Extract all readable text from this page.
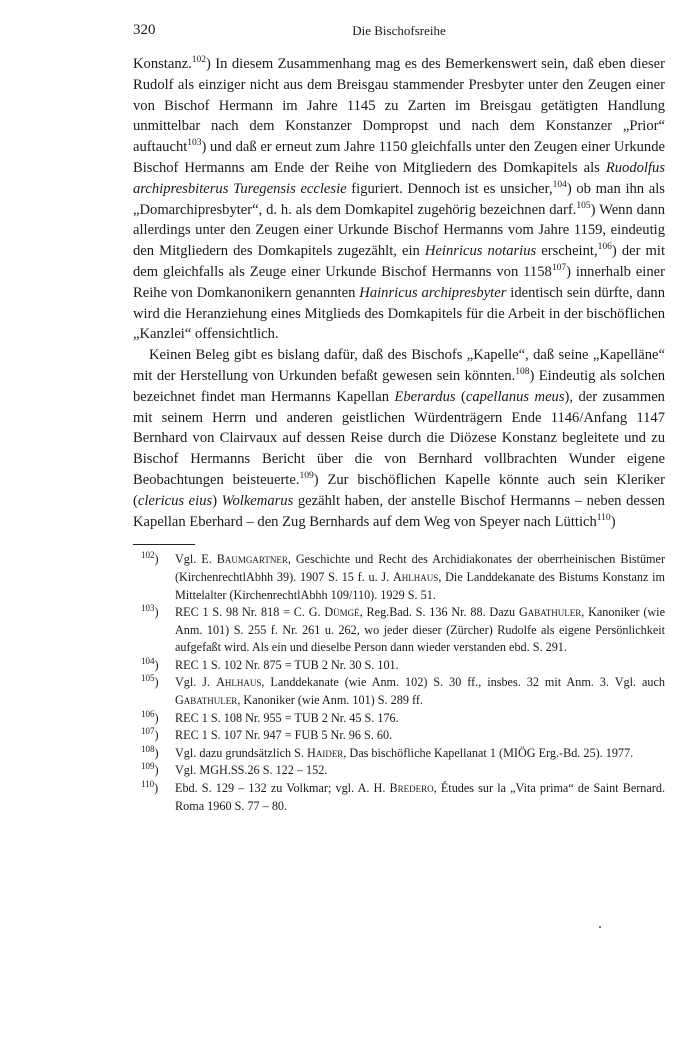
320	Die Bischofsreihe

Konstanz.$^{102}$) In diesem Zusammenhang mag es des Bemerkenswert sein, daß eben dieser Rudolf als einziger nicht aus dem Breisgau stammender Presbyter unter den Zeugen einer von Bischof Hermann im Jahre 1145 zu Zarten im Breisgau getätigten Handlung unmittelbar nach dem Konstanzer Dompropst und nach dem Konstanzer „Prior“ auftaucht$^{103}$) und daß er erneut zum Jahre 1150 gleichfalls unter den Zeugen einer Urkunde Bischof Hermanns am Ende der Reihe von Mitgliedern des Domkapitels als Ruodolfus archipresbiterus Turegensis ecclesie figuriert. Dennoch ist es unsicher,$^{104}$) ob man ihn als „Domarchipresbyter“, d. h. als dem Domkapitel zugehörig bezeichnen darf.$^{105}$) Wenn dann allerdings unter den Zeugen einer Urkunde Bischof Hermanns vom Jahre 1159, eindeutig den Mitgliedern des Domkapitels zugezählt, ein Heinricus notarius erscheint,$^{106}$) der mit dem gleichfalls als Zeuge einer Urkunde Bischof Hermanns von 1158$^{107}$) innerhalb einer Reihe von Domkanonikern genannten Hainricus archipresbyter identisch sein dürfte, dann wird die Heranziehung eines Mitglieds des Domkapitels für die Arbeit in der bischöflichen „Kanzlei“ offensichtlich.

Keinen Beleg gibt es bislang dafür, daß des Bischofs „Kapelle“, daß seine „Kapelläne“ mit der Herstellung von Urkunden befaßt gewesen sein könnten.$^{108}$) Eindeutig als solchen bezeichnet findet man Hermanns Kapellan Eberardus (capellanus meus), der zusammen mit seinem Herrn und anderen geistlichen Würdenträgern Ende 1146/Anfang 1147 Bernhard von Clairvaux auf dessen Reise durch die Diözese Konstanz begleitete und zu Bischof Hermanns Bericht über die von Bernhard vollbrachten Wunder eigene Beobachtungen beisteuerte.$^{109}$) Zur bischöflichen Kapelle könnte auch sein Kleriker (clericus eius) Wolkemarus gezählt haben, der anstelle Bischof Hermanns – neben dessen Kapellan Eberhard – den Zug Bernhards auf dem Weg von Speyer nach Lüttich$^{110}$)

$^{102}$) Vgl. E. Baumgartner, Geschichte und Recht des Archidiakonates der oberrheinischen Bistümer (KirchenrechtlAbhh 39). 1907 S. 15 f. u. J. Ahlhaus, Die Landdekanate des Bistums Konstanz im Mittelalter (KirchenrechtlAbhh 109/110). 1929 S. 51.
$^{103}$) REC 1 S. 98 Nr. 818 = C. G. Dümgé, Reg.Bad. S. 136 Nr. 88. Dazu Gabathuler, Kanoniker (wie Anm. 101) S. 255 f. Nr. 261 u. 262, wo jeder dieser (Zürcher) Rudolfe als eigene Persönlichkeit aufgefaßt wird. Als ein und dieselbe Person dann wieder verstanden ebd. S. 291.
$^{104}$) REC 1 S. 102 Nr. 875 = TUB 2 Nr. 30 S. 101.
$^{105}$) Vgl. J. Ahlhaus, Landdekanate (wie Anm. 102) S. 30 ff., insbes. 32 mit Anm. 3. Vgl. auch Gabathuler, Kanoniker (wie Anm. 101) S. 289 ff.
$^{106}$) REC 1 S. 108 Nr. 955 = TUB 2 Nr. 45 S. 176.
$^{107}$) REC 1 S. 107 Nr. 947 = FUB 5 Nr. 96 S. 60.
$^{108}$) Vgl. dazu grundsätzlich S. Haider, Das bischöfliche Kapellanat 1 (MIÖG Erg.-Bd. 25). 1977.
$^{109}$) Vgl. MGH.SS.26 S. 122 – 152.
$^{110}$) Ebd. S. 129 – 132 zu Volkmar; vgl. A. H. Bredero, Études sur la „Vita prima“ de Saint Bernard. Roma 1960 S. 77 – 80.
